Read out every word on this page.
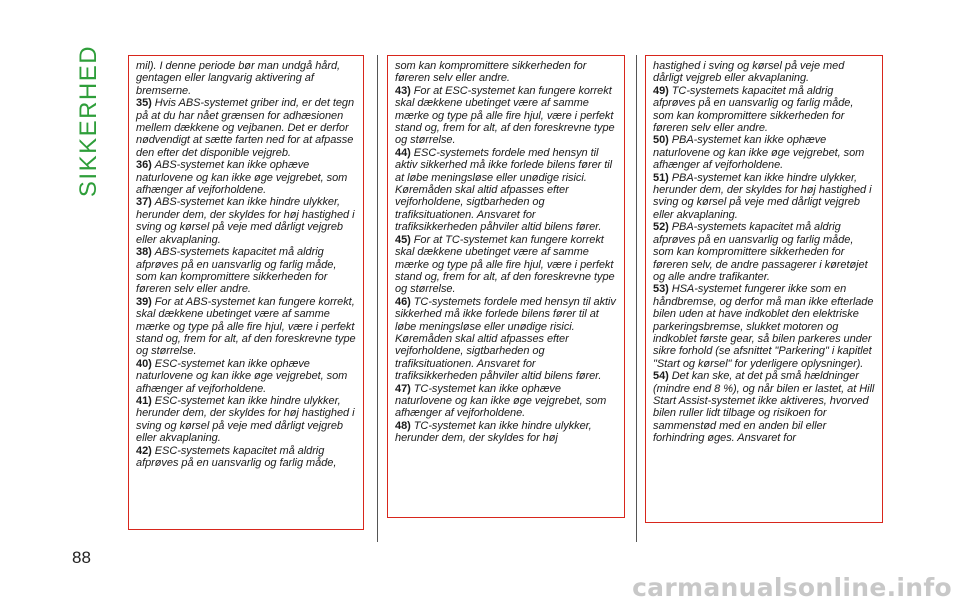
SIKKERHED
88

mil). I denne periode bør man undgå hård, gentagen eller langvarig aktivering af bremserne.

35) Hvis ABS-systemet griber ind, er det tegn på at du har nået grænsen for adhæsionen mellem dækkene og vejbanen. Det er derfor nødvendigt at sætte farten ned for at afpasse den efter det disponible vejgreb.

36) ABS-systemet kan ikke ophæve naturlovene og kan ikke øge vejgrebet, som afhænger af vejforholdene.

37) ABS-systemet kan ikke hindre ulykker, herunder dem, der skyldes for høj hastighed i sving og kørsel på veje med dårligt vejgreb eller akvaplaning.

38) ABS-systemets kapacitet må aldrig afprøves på en uansvarlig og farlig måde, som kan kompromittere sikkerheden for føreren selv eller andre.

39) For at ABS-systemet kan fungere korrekt, skal dækkene ubetinget være af samme mærke og type på alle fire hjul, være i perfekt stand og, frem for alt, af den foreskrevne type og størrelse.

40) ESC-systemet kan ikke ophæve naturlovene og kan ikke øge vejgrebet, som afhænger af vejforholdene.

41) ESC-systemet kan ikke hindre ulykker, herunder dem, der skyldes for høj hastighed i sving og kørsel på veje med dårligt vejgreb eller akvaplaning.

42) ESC-systemets kapacitet må aldrig afprøves på en uansvarlig og farlig måde,

som kan kompromittere sikkerheden for føreren selv eller andre.

43) For at ESC-systemet kan fungere korrekt skal dækkene ubetinget være af samme mærke og type på alle fire hjul, være i perfekt stand og, frem for alt, af den foreskrevne type og størrelse.

44) ESC-systemets fordele med hensyn til aktiv sikkerhed må ikke forlede bilens fører til at løbe meningsløse eller unødige risici. Køremåden skal altid afpasses efter vejforholdene, sigtbarheden og trafiksituationen. Ansvaret for trafiksikkerheden påhviler altid bilens fører.

45) For at TC-systemet kan fungere korrekt skal dækkene ubetinget være af samme mærke og type på alle fire hjul, være i perfekt stand og, frem for alt, af den foreskrevne type og størrelse.

46) TC-systemets fordele med hensyn til aktiv sikkerhed må ikke forlede bilens fører til at løbe meningsløse eller unødige risici. Køremåden skal altid afpasses efter vejforholdene, sigtbarheden og trafiksituationen. Ansvaret for trafiksikkerheden påhviler altid bilens fører.

47) TC-systemet kan ikke ophæve naturlovene og kan ikke øge vejgrebet, som afhænger af vejforholdene.

48) TC-systemet kan ikke hindre ulykker, herunder dem, der skyldes for høj

hastighed i sving og kørsel på veje med dårligt vejgreb eller akvaplaning.

49) TC-systemets kapacitet må aldrig afprøves på en uansvarlig og farlig måde, som kan kompromittere sikkerheden for føreren selv eller andre.

50) PBA-systemet kan ikke ophæve naturlovene og kan ikke øge vejgrebet, som afhænger af vejforholdene.

51) PBA-systemet kan ikke hindre ulykker, herunder dem, der skyldes for høj hastighed i sving og kørsel på veje med dårligt vejgreb eller akvaplaning.

52) PBA-systemets kapacitet må aldrig afprøves på en uansvarlig og farlig måde, som kan kompromittere sikkerheden for føreren selv, de andre passagerer i køretøjet og alle andre trafikanter.

53) HSA-systemet fungerer ikke som en håndbremse, og derfor må man ikke efterlade bilen uden at have indkoblet den elektriske parkeringsbremse, slukket motoren og indkoblet første gear, så bilen parkeres under sikre forhold (se afsnittet "Parkering" i kapitlet "Start og kørsel" for yderligere oplysninger).

54) Det kan ske, at det på små hældninger (mindre end 8 %), og når bilen er lastet, at Hill Start Assist-systemet ikke aktiveres, hvorved bilen ruller lidt tilbage og risikoen for sammenstød med en anden bil eller forhindring øges. Ansvaret for

carmanualsonline.info
